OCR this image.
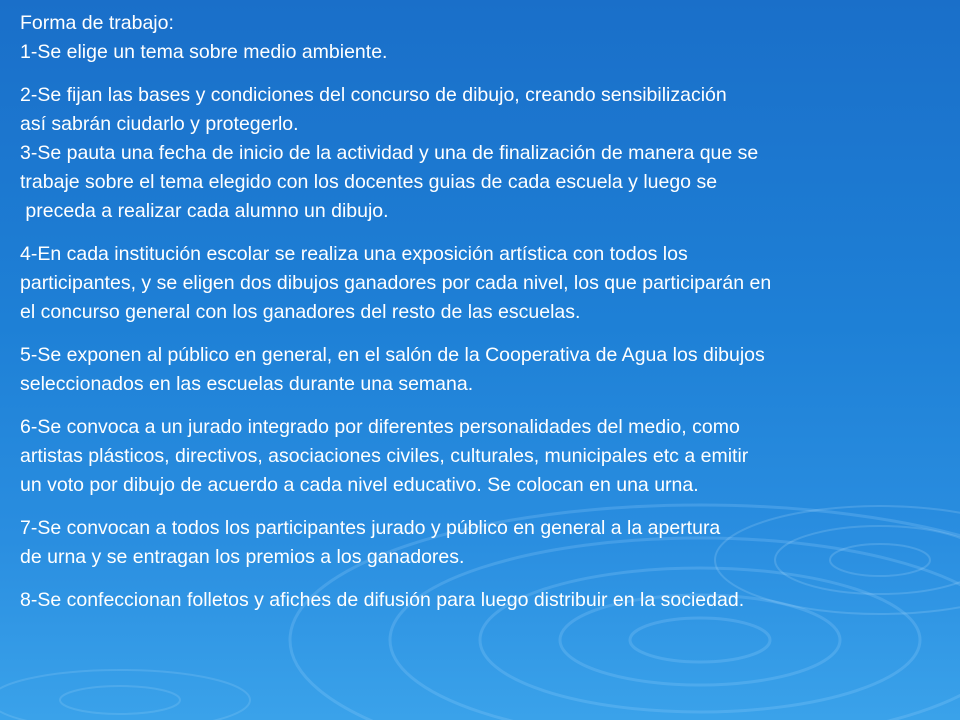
Forma de trabajo:
1-Se elige un tema sobre medio ambiente.
2-Se fijan las bases y condiciones del concurso de dibujo, creando sensibilización
así sabrán ciudarlo y protegerlo.
3-Se pauta una fecha de inicio de la actividad y una de finalización de manera que se
trabaje sobre el tema elegido con los docentes guias de cada escuela y luego se
preceda a realizar cada alumno un dibujo.
4-En cada institución escolar se realiza una exposición artística con todos los
participantes, y se eligen dos dibujos ganadores por cada nivel, los que participarán en
el concurso general con los ganadores del resto de las escuelas.
5-Se exponen al público en general, en el salón de la Cooperativa de Agua los dibujos
seleccionados en las escuelas durante una semana.
6-Se convoca a un jurado integrado por diferentes personalidades del medio, como
artistas plásticos, directivos, asociaciones civiles, culturales, municipales etc a emitir
un voto por dibujo de acuerdo a cada nivel educativo. Se colocan en una urna.
7-Se convocan a todos los participantes jurado y público en general a la apertura
de urna y se entragan los premios a los ganadores.
8-Se confeccionan folletos y afiches de difusión para luego distribuir en la sociedad.
